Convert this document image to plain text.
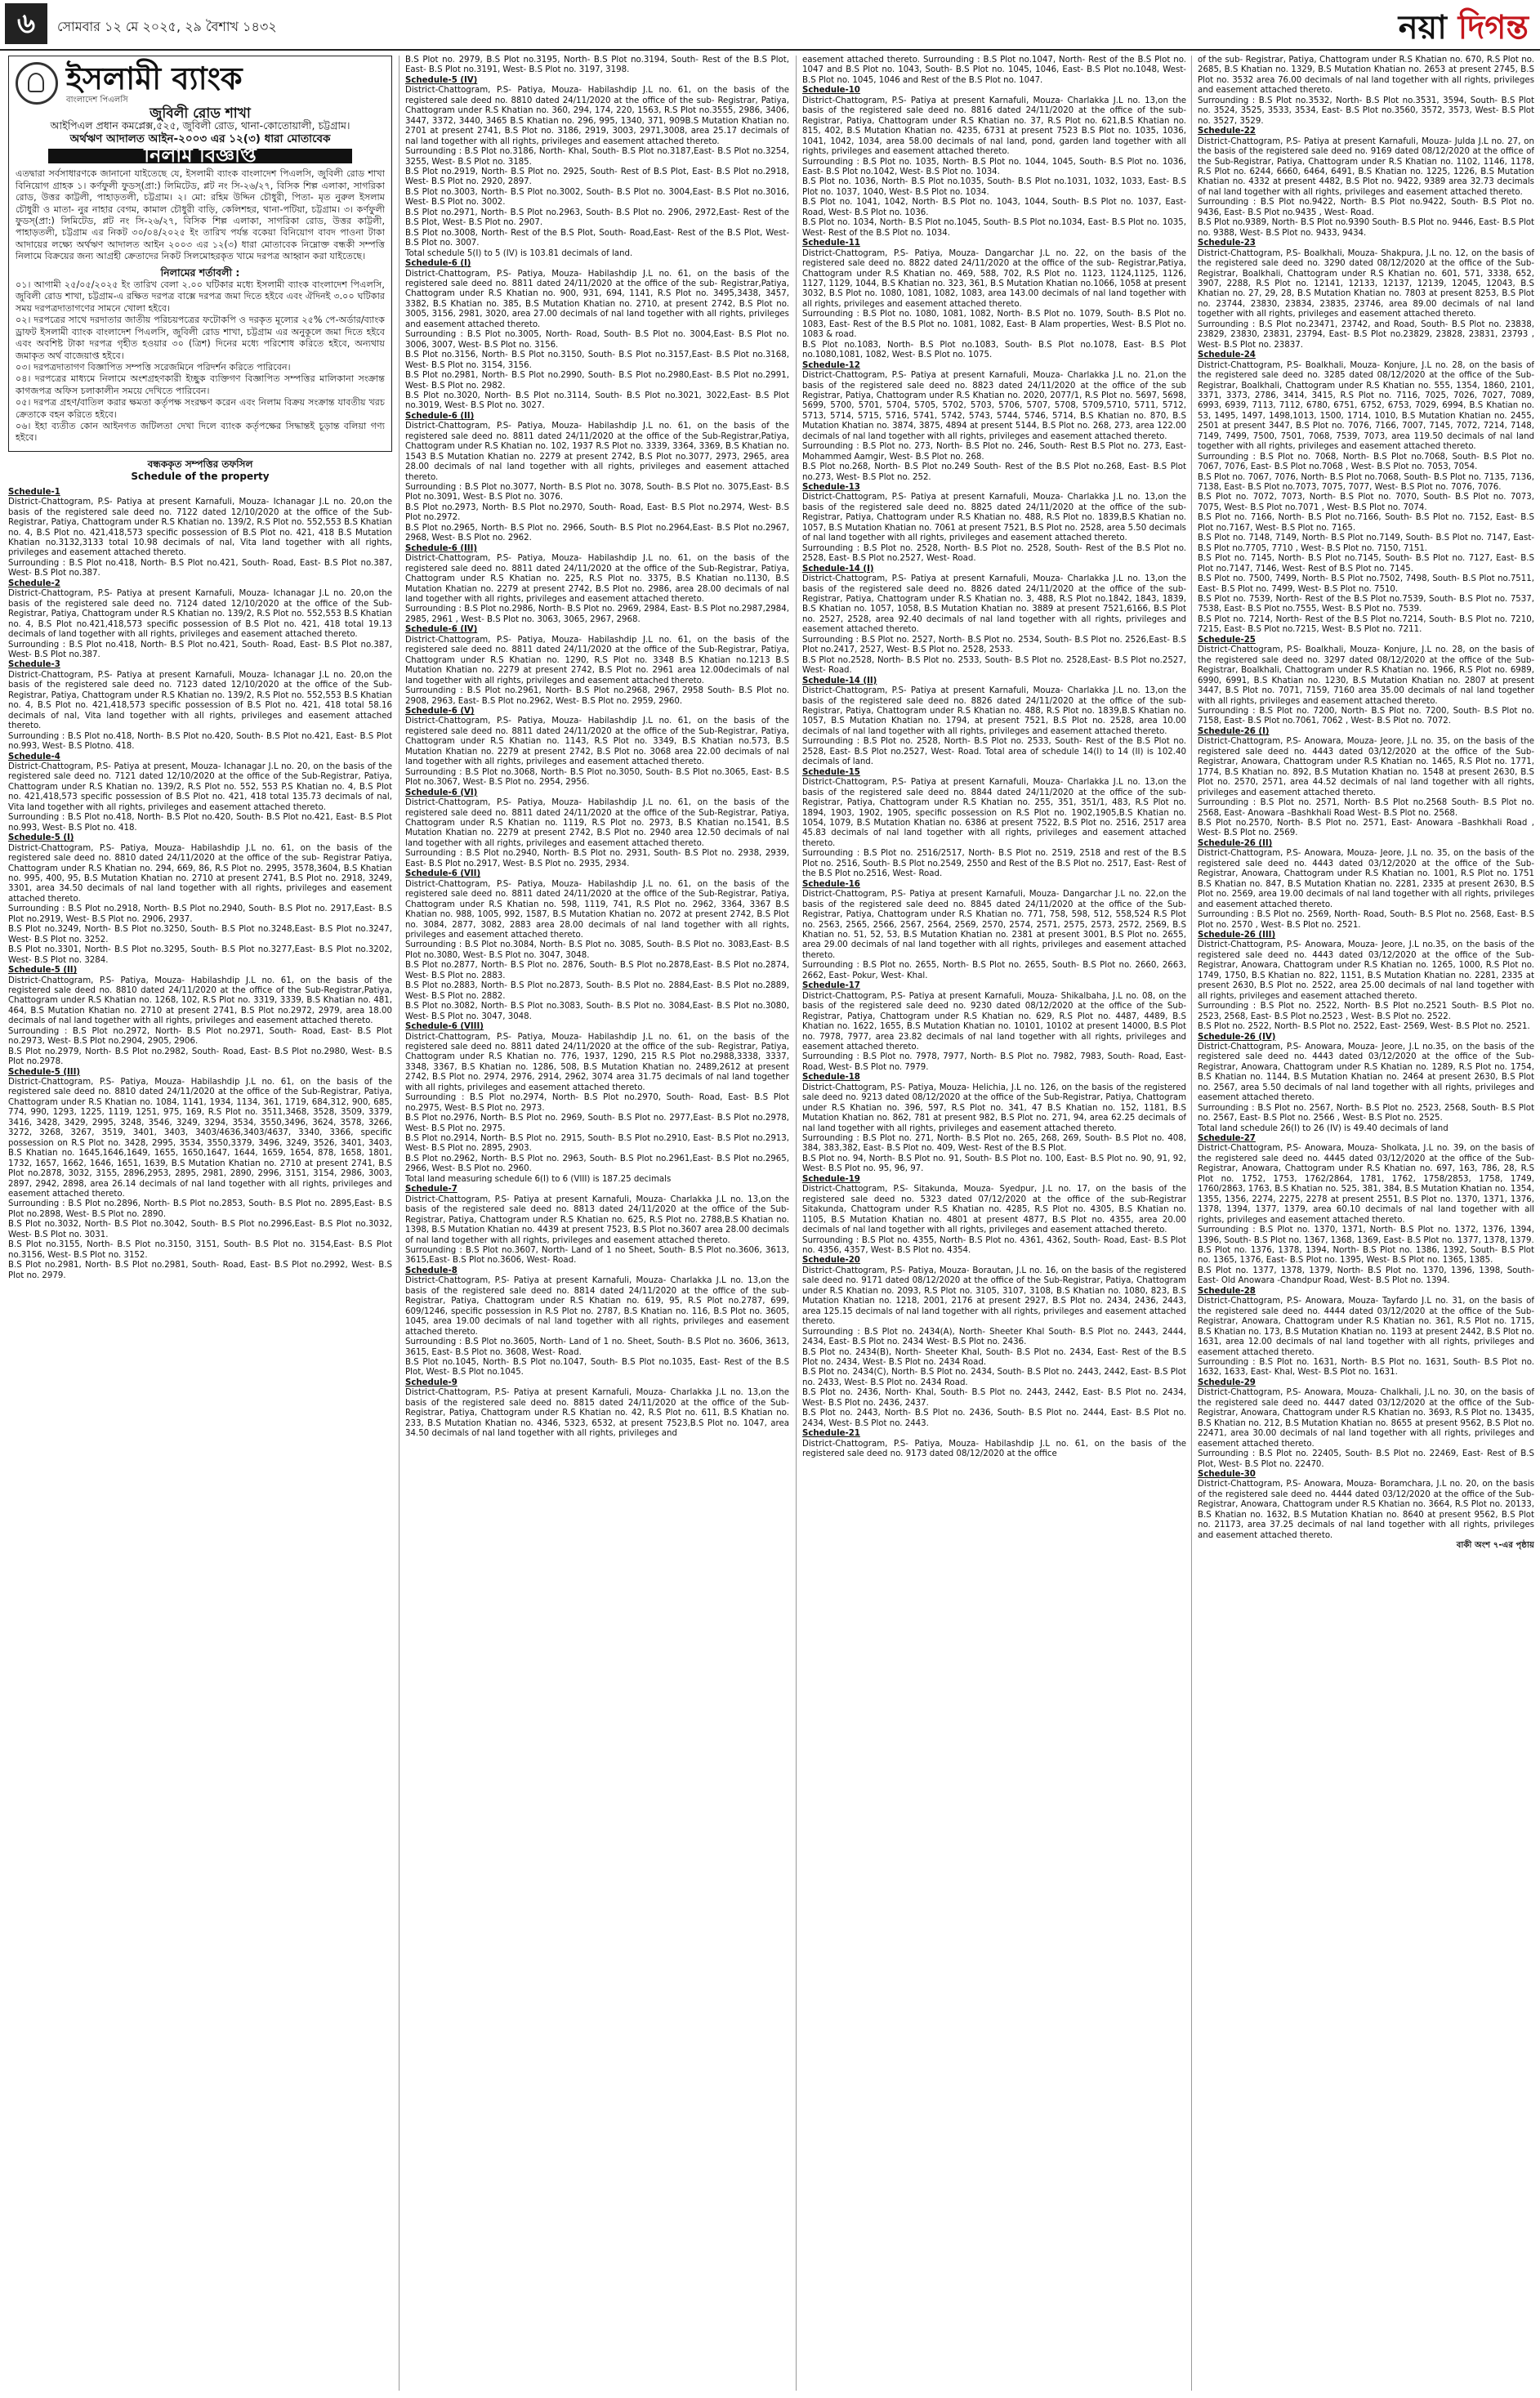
৬	সোমবার ১২ মে ২০২৫, ২৯ বৈশাখ ১৪৩২	নয়া দিগন্ত
ইসলামী ব্যাংক
বাংলাদেশ পিএলসি
জুবিলী রোড শাখা
আইপিএল প্রধান কমপ্লেক্স,৫২৫, জুবিলী রোড, থানা-কোতোয়ালী, চট্টগ্রাম।
অর্থঋণ আদালত আইন-২০০৩ এর ১২(৩) ধারা মোতাবেক
নিলাম বিজ্ঞপ্তি

এতদ্বারা সর্বসাধারণকে জানানো যাইতেছে যে, ইসলামী ব্যাংক বাংলাদেশ পিএলসি, জুবিলী রোড শাখা বিনিয়োগ গ্রাহক ১। কর্ণফুলী ফুডস্(প্রা:) লিমিটেড, প্লট নং সি-২৬/২৭, বিসিক শিল্প এলাকা, সাগরিকা রোড, উত্তর কাট্টলী, পাহাড়তলী, চট্টগ্রাম। ২। মো: রহিম উদ্দিন চৌধুরী, পিতা- মৃত নুরুল ইসলাম চৌধুরী ও মাতা- নুর নাহার বেগম, কামাল চৌধুরী বাড়ি, কেলিশহর, থানা-পটিয়া, চট্টগ্রাম। ৩। কর্ণফুলী ফুডস্(প্রা:) লিমিটেড, প্লট নং সি-২৬/২৭, বিসিক শিল্প এলাকা, সাগরিকা রোড, উত্তর কাট্টলী, পাহাড়তলী, চট্টগ্রাম এর নিকট ৩০/০৪/২০২৫ ইং তারিখ পর্যন্ত বকেয়া বিনিয়োগ বাবদ পাওনা টাকা আদায়ের লক্ষ্যে অর্থঋণ আদালত আইন ২০০৩ এর ১২(৩) ধারা মোতাবেক নিম্নোক্ত বন্ধকী সম্পত্তি নিলামে বিক্রয়ের জন্য আগ্রহী ক্রেতাদের নিকট সিলমোহরকৃত খামে দরপত্র আহ্বান করা যাইতেছে।

নিলামের শর্তাবলী :

০১। আগামী ২৫/০৫/২০২৫ ইং তারিখ বেলা ২.০০ ঘটিকার মধ্যে ইসলামী ব্যাংক বাংলাদেশ পিএলসি, জুবিলী রোড শাখা, চট্টগ্রাম-এ রক্ষিত দরপত্র বাক্সে দরপত্র জমা দিতে হইবে এবং ঐদিনই ৩.০০ ঘটিকার সময় দরপত্রদাতাগণের সামনে খোলা হইবে।

০২। দরপত্রের সাথে দরদাতার জাতীয় পরিচয়পত্রের ফটোকপি ও দরকৃত মূল্যের ২৫% পে-অর্ডার/ব্যাংক ড্রাফট ইসলামী ব্যাংক বাংলাদেশ পিএলসি, জুবিলী রোড শাখা, চট্টগ্রাম এর অনুকূলে জমা দিতে হইবে এবং অবশিষ্ট টাকা দরপত্র গৃহীত হওয়ার ৩০ (ত্রিশ) দিনের মধ্যে পরিশোধ করিতে হইবে, অন্যথায় জমাকৃত অর্থ বাজেয়াপ্ত হইবে।

০৩। দরপত্রদাতাগণ বিজ্ঞাপিত সম্পত্তি সরেজমিনে পরিদর্শন করিতে পারিবেন।

০৪। দরপত্রের মাধ্যমে নিলামে অংশগ্রহণকারী ইচ্ছুক ব্যক্তিগণ বিজ্ঞাপিত সম্পত্তির মালিকানা সংক্রান্ত কাগজপত্র অফিস চলাকালীন সময়ে দেখিতে পারিবেন।

০৫। দরপত্র গ্রহণ/বাতিল করার ক্ষমতা কর্তৃপক্ষ সংরক্ষণ করেন এবং নিলাম বিক্রয় সংক্রান্ত যাবতীয় খরচ ক্রেতাকে বহন করিতে হইবে।

০৬। ইহা ব্যতীত কোন আইনগত জটিলতা দেখা দিলে ব্যাংক কর্তৃপক্ষের সিদ্ধান্তই চূড়ান্ত বলিয়া গণ্য হইবে।

বন্ধককৃত সম্পত্তির তফসিল
Schedule of the property

Schedule-1

District-Chattogram, P.S- Patiya at present Karnafuli, Mouza- Ichanagar J.L no. 20,on the basis of the registered sale deed no. 7122 dated 12/10/2020 at the office of the Sub-Registrar, Patiya, Chattogram under R.S Khatian no. 139/2, R.S Plot no. 552,553 B.S Khatian no. 4, B.S Plot no. 421,418,573 specific possession of B.S Plot no. 421, 418 B.S Mutation Khatian no.3132,3133 total 10.98 decimals of nal, Vita land together with all rights, privileges and easement attached thereto.

Surrounding : B.S Plot no.418, North- B.S Plot no.421, South- Road, East- B.S Plot no.387, West- B.S Plot no.387.

Schedule-2

District-Chattogram, P.S- Patiya at present Karnafuli, Mouza- Ichanagar J.L no. 20,on the basis of the registered sale deed no. 7124 dated 12/10/2020 at the office of the Sub-Registrar, Patiya, Chattogram under R.S Khatian no. 139/2, R.S Plot no. 552,553 B.S Khatian no. 4, B.S Plot no.421,418,573 specific possession of B.S Plot no. 421, 418 total 19.13 decimals of land together with all rights, privileges and easement attached thereto.

Surrounding : B.S Plot no.418, North- B.S Plot no.421, South- Road, East- B.S Plot no.387, West- B.S Plot no.387.

Schedule-3

District-Chattogram, P.S- Patiya at present Karnafuli, Mouza- Ichanagar J.L no. 20,on the basis of the registered sale deed no. 7123 dated 12/10/2020 at the office of the Sub-Registrar, Patiya, Chattogram under R.S Khatian no. 139/2, R.S Plot no. 552,553 B.S Khatian no. 4, B.S Plot no. 421,418,573 specific possession of B.S Plot no. 421, 418 total 58.16 decimals of nal, Vita land together with all rights, privileges and easement attached thereto.

Surrounding : B.S Plot no.418, North- B.S Plot no.420, South- B.S Plot no.421, East- B.S Plot no.993, West- B.S Plotno. 418.

Schedule-4

District-Chattogram, P.S- Patiya at present, Mouza- Ichanagar J.L no. 20, on the basis of the registered sale deed no. 7121 dated 12/10/2020 at the office of the Sub-Registrar, Patiya, Chattogram under R.S Khatian no. 139/2, R.S Plot no. 552, 553 P.S Khatian no. 4, B.S Plot no. 421,418,573 specific possession of B.S Plot no. 421, 418 total 135.73 decimals of nal, Vita land together with all rights, privileges and easement attached thereto.

Surrounding : B.S Plot no.418, North- B.S Plot no.420, South- B.S Plot no.421, East- B.S Plot no.993, West- B.S Plot no. 418.

Schedule-5 (I)

District-Chattogram, P.S- Patiya, Mouza- Habilashdip J.L no. 61, on the basis of the registered sale deed no. 8810 dated 24/11/2020 at the office of the sub- Registrar Patiya, Chattogram under R.S Khatian no. 294, 669, 86, R.S Plot no. 2995, 3578,3604, B.S Khatian no. 995, 400, 95, B.S Mutation Khatian no. 2710 at present 2741, B.S Plot no. 2918, 3249, 3301, area 34.50 decimals of nal land together with all rights, privileges and easement attached thereto.

Surrounding : B.S Plot no.2918, North- B.S Plot no.2940, South- B.S Plot no. 2917,East- B.S Plot no.2919, West- B.S Plot no. 2906, 2937.

B.S Plot no.3249, North- B.S Plot no.3250, South- B.S Plot no.3248,East- B.S Plot no.3247, West- B.S Plot no. 3252.

B.S Plot no.3301, North- B.S Plot no.3295, South- B.S Plot no.3277,East- B.S Plot no.3202, West- B.S Plot no. 3284.

Schedule-5 (II)

District-Chattogram, P.S- Patiya, Mouza- Habilashdip J.L no. 61, on the basis of the registered sale deed no. 8810 dated 24/11/2020 at the office of the Sub-Registrar,Patiya, Chattogram under R.S Khatian no. 1268, 102, R.S Plot no. 3319, 3339, B.S Khatian no. 481, 464, B.S Mutation Khatian no. 2710 at present 2741, B.S Plot no.2972, 2979, area 18.00 decimals of nal land together with all rights, privileges and easement attached thereto.

Surrounding : B.S Plot no.2972, North- B.S Plot no.2971, South- Road, East- B.S Plot no.2973, West- B.S Plot no.2904, 2905, 2906.

B.S Plot no.2979, North- B.S Plot no.2982, South- Road, East- B.S Plot no.2980, West- B.S Plot no.2978.

Schedule-5 (III)

District-Chattogram, P.S- Patiya, Mouza- Habilashdip J.L no. 61, on the basis of the registered sale deed no. 8810 dated 24/11/2020 at the office of the Sub-Registrar, Patiya, Chattogram under R.S Khatian no. 1084, 1141, 1934, 1134, 361, 1719, 684,312, 900, 685, 774, 990, 1293, 1225, 1119, 1251, 975, 169, R.S Plot no. 3511,3468, 3528, 3509, 3379, 3416, 3428, 3429, 2995, 3248, 3546, 3249, 3294, 3534, 3550,3496, 3624, 3578, 3266, 3272, 3268, 3267, 3519, 3401, 3403, 3403/4636,3403/4637, 3340, 3366, specific possession on R.S Plot no. 3428, 2995, 3534, 3550,3379, 3496, 3249, 3526, 3401, 3403, B.S Khatian no. 1645,1646,1649, 1655, 1650,1647, 1644, 1659, 1654, 878, 1658, 1801, 1732, 1657, 1662, 1646, 1651, 1639, B.S Mutation Khatian no. 2710 at present 2741, B.S Plot no.2878, 3032, 3155, 2896,2953, 2895, 2981, 2890, 2996, 3151, 3154, 2986, 3003, 2897, 2942, 2898, area 26.14 decimals of nal land together with all rights, privileges and easement attached thereto.

Surrounding : B.S Plot no.2896, North- B.S Plot no.2853, South- B.S Plot no. 2895,East- B.S Plot no.2898, West- B.S Plot no. 2890.

B.S Plot no.3032, North- B.S Plot no.3042, South- B.S Plot no.2996,East- B.S Plot no.3032, West- B.S Plot no. 3031.

B.S Plot no.3155, North- B.S Plot no.3150, 3151, South- B.S Plot no. 3154,East- B.S Plot no.3156, West- B.S Plot no. 3152.

B.S Plot no.2981, North- B.S Plot no.2981, South- Road, East- B.S Plot no.2992, West- B.S Plot no. 2979.

B.S Plot no. 2979, B.S Plot no.3195, North- B.S Plot no.3194, South- Rest of the B.S Plot, East- B.S Plot no.3191, West- B.S Plot no. 3197, 3198.

Schedule-5 (IV)

District-Chattogram, P.S- Patiya, Mouza- Habilashdip J.L no. 61, on the basis of the registered sale deed no. 8810 dated 24/11/2020 at the office of the sub- Registrar, Patiya, Chattogram under R.S Khatian no. 360, 294, 174, 220, 1563, R.S Plot no.3555, 2986, 3406, 3447, 3372, 3440, 3465 B.S Khatian no. 296, 995, 1340, 371, 909B.S Mutation Khatian no. 2701 at present 2741, B.S Plot no. 3186, 2919, 3003, 2971,3008, area 25.17 decimals of nal land together with all rights, privileges and easement attached thereto.

Surrounding : B.S Plot no.3186, North- Khal, South- B.S Plot no.3187,East- B.S Plot no.3254, 3255, West- B.S Plot no. 3185.

B.S Plot no.2919, North- B.S Plot no. 2925, South- Rest of B.S Plot, East- B.S Plot no.2918, West- B.S Plot no. 2920, 2897.

B.S Plot no.3003, North- B.S Plot no.3002, South- B.S Plot no. 3004,East- B.S Plot no.3016, West- B.S Plot no. 3002.

B.S Plot no.2971, North- B.S Plot no.2963, South- B.S Plot no. 2906, 2972,East- Rest of the B.S Plot, West- B.S Plot no. 2907.

B.S Plot no.3008, North- Rest of the B.S Plot, South- Road,East- Rest of the B.S Plot, West- B.S Plot no. 3007.

Total schedule 5(I) to 5 (IV) is 103.81 decimals of land.

Schedule-6 (I)

District-Chattogram, P.S- Patiya, Mouza- Habilashdip J.L no. 61, on the basis of the registered sale deed no. 8811 dated 24/11/2020 at the office of the sub- Registrar,Patiya, Chattogram under R.S Khatian no. 900, 931, 694, 1141, R.S Plot no. 3495,3438, 3457, 3382, B.S Khatian no. 385, B.S Mutation Khatian no. 2710, at present 2742, B.S Plot no. 3005, 3156, 2981, 3020, area 27.00 decimals of nal land together with all rights, privileges and easement attached thereto.

Surrounding : B.S Plot no.3005, North- Road, South- B.S Plot no. 3004,East- B.S Plot no. 3006, 3007, West- B.S Plot no. 3156.

B.S Plot no.3156, North- B.S Plot no.3150, South- B.S Plot no.3157,East- B.S Plot no.3168, West- B.S Plot no. 3154, 3156.

B.S Plot no.2981, North- B.S Plot no.2990, South- B.S Plot no.2980,East- B.S Plot no.2991, West- B.S Plot no. 2982.

B.S Plot no.3020, North- B.S Plot no.3114, South- B.S Plot no.3021, 3022,East- B.S Plot no.3019, West- B.S Plot no. 3027.

Schedule-6 (II)

District-Chattogram, P.S- Patiya, Mouza- Habilashdip J.L no. 61, on the basis of the registered sale deed no. 8811 dated 24/11/2020 at the office of the Sub-Registrar,Patiya, Chattogram under R.S Khatian no. 102, 1937 R.S Plot no. 3339, 3364, 3369, B.S Khatian no. 1543 B.S Mutation Khatian no. 2279 at present 2742, B.S Plot no.3077, 2973, 2965, area 28.00 decimals of nal land together with all rights, privileges and easement attached thereto.

Surrounding : B.S Plot no.3077, North- B.S Plot no. 3078, South- B.S Plot no. 3075,East- B.S Plot no.3091, West- B.S Plot no. 3076.

B.S Plot no.2973, North- B.S Plot no.2970, South- Road, East- B.S Plot no.2974, West- B.S Plot no.2972.

B.S Plot no.2965, North- B.S Plot no. 2966, South- B.S Plot no.2964,East- B.S Plot no.2967, 2968, West- B.S Plot no. 2962.

Schedule-6 (III)

District-Chattogram, P.S- Patiya, Mouza- Habilashdip J.L no. 61, on the basis of the registered sale deed no. 8811 dated 24/11/2020 at the office of the Sub-Registrar, Patiya, Chattogram under R.S Khatian no. 225, R.S Plot no. 3375, B.S Khatian no.1130, B.S Mutation Khatian no. 2279 at present 2742, B.S Plot no. 2986, area 28.00 decimals of nal land together with all rights, privileges and easement attached thereto.

Surrounding : B.S Plot no.2986, North- B.S Plot no. 2969, 2984, East- B.S Plot no.2987,2984, 2985, 2961 , West- B.S Plot no. 3063, 3065, 2967, 2968.

Schedule-6 (IV)

District-Chattogram, P.S- Patiya, Mouza- Habilashdip J.L no. 61, on the basis of the registered sale deed no. 8811 dated 24/11/2020 at the office of the Sub-Registrar, Patiya, Chattogram under R.S Khatian no. 1290, R.S Plot no. 3348 B.S Khatian no.1213 B.S Mutation Khatian no. 2279 at present 2742, B.S Plot no. 2961 area 12.00decimals of nal land together with all rights, privileges and easement attached thereto.

Surrounding : B.S Plot no.2961, North- B.S Plot no.2968, 2967, 2958 South- B.S Plot no. 2908, 2963, East- B.S Plot no.2962, West- B.S Plot no. 2959, 2960.

Schedule-6 (V)

District-Chattogram, P.S- Patiya, Mouza- Habilashdip J.L no. 61, on the basis of the registered sale deed no. 8811 dated 24/11/2020 at the office of the Sub-Registrar, Patiya, Chattogram under R.S Khatian no. 1143, R.S Plot no. 3349, B.S Khatian no.573, B.S Mutation Khatian no. 2279 at present 2742, B.S Plot no. 3068 area 22.00 decimals of nal land together with all rights, privileges and easement attached thereto.

Surrounding : B.S Plot no.3068, North- B.S Plot no.3050, South- B.S Plot no.3065, East- B.S Plot no.3067, West- B.S Plot no. 2954, 2956.

Schedule-6 (VI)

District-Chattogram, P.S- Patiya, Mouza- Habilashdip J.L no. 61, on the basis of the registered sale deed no. 8811 dated 24/11/2020 at the office of the Sub-Registrar, Patiya, Chattogram under R.S Khatian no. 1119, R.S Plot no. 2973, B.S Khatian no.1541, B.S Mutation Khatian no. 2279 at present 2742, B.S Plot no. 2940 area 12.50 decimals of nal land together with all rights, privileges and easement attached thereto.

Surrounding : B.S Plot no.2940, North- B.S Plot no. 2931, South- B.S Plot no. 2938, 2939, East- B.S Plot no.2917, West- B.S Plot no. 2935, 2934.

Schedule-6 (VII)

District-Chattogram, P.S- Patiya, Mouza- Habilashdip J.L no. 61, on the basis of the registered sale deed no. 8811 dated 24/11/2020 at the office of the Sub-Registrar, Patiya, Chattogram under R.S Khatian no. 598, 1119, 741, R.S Plot no. 2962, 3364, 3367 B.S Khatian no. 988, 1005, 992, 1587, B.S Mutation Khatian no. 2072 at present 2742, B.S Plot no. 3084, 2877, 3082, 2883 area 28.00 decimals of nal land together with all rights, privileges and easement attached thereto.

Surrounding : B.S Plot no.3084, North- B.S Plot no. 3085, South- B.S Plot no. 3083,East- B.S Plot no.3080, West- B.S Plot no. 3047, 3048.

B.S Plot no.2877, North- B.S Plot no. 2876, South- B.S Plot no.2878,East- B.S Plot no.2874, West- B.S Plot no. 2883.

B.S Plot no.2883, North- B.S Plot no.2873, South- B.S Plot no. 2884,East- B.S Plot no.2889, West- B.S Plot no. 2882.

B.S Plot no.3082, North- B.S Plot no.3083, South- B.S Plot no. 3084,East- B.S Plot no.3080, West- B.S Plot no. 3047, 3048.

Schedule-6 (VIII)

District-Chattogram, P.S- Patiya, Mouza- Habilashdip J.L no. 61, on the basis of the registered sale deed no. 8811 dated 24/11/2020 at the office of the sub- Registrar, Patiya, Chattogram under R.S Khatian no. 776, 1937, 1290, 215 R.S Plot no.2988,3338, 3337, 3348, 3367, B.S Khatian no. 1286, 508, B.S Mutation Khatian no. 2489,2612 at present 2742, B.S Plot no. 2974, 2976, 2914, 2962, 3074 area 31.75 decimals of nal land together with all rights, privileges and easement attached thereto.

Surrounding : B.S Plot no.2974, North- B.S Plot no.2970, South- Road, East- B.S Plot no.2975, West- B.S Plot no. 2973.

B.S Plot no.2976, North- B.S Plot no. 2969, South- B.S Plot no. 2977,East- B.S Plot no.2978, West- B.S Plot no. 2975.

B.S Plot no.2914, North- B.S Plot no. 2915, South- B.S Plot no.2910, East- B.S Plot no.2913, West- B.S Plot no. 2895, 2903.

B.S Plot no.2962, North- B.S Plot no. 2963, South- B.S Plot no.2961,East- B.S Plot no.2965, 2966, West- B.S Plot no. 2960.

Total land measuring schedule 6(I) to 6 (VIII) is 187.25 decimals

Schedule-7

District-Chattogram, P.S- Patiya at present Karnafuli, Mouza- Charlakka J.L no. 13,on the basis of the registered sale deed no. 8813 dated 24/11/2020 at the office of the Sub-Registrar, Patiya, Chattogram under R.S Khatian no. 625, R.S Plot no. 2788,B.S Khatian no. 1398, B.S Mutation Khatian no. 4439 at present 7523, B.S Plot no.3607 area 28.00 decimals of nal land together with all rights, privileges and easement attached thereto.

Surrounding : B.S Plot no.3607, North- Land of 1 no Sheet, South- B.S Plot no.3606, 3613, 3615,East- B.S Plot no.3606, West- Road.

Schedule-8

District-Chattogram, P.S- Patiya at present Karnafuli, Mouza- Charlakka J.L no. 13,on the basis of the registered sale deed no. 8814 dated 24/11/2020 at the office of the sub-Registrar, Patiya, Chattogram under R.S Khatian no. 619, 95, R.S Plot no.2787, 699, 609/1246, specific possession in R.S Plot no. 2787, B.S Khatian no. 116, B.S Plot no. 3605, 1045, area 19.00 decimals of nal land together with all rights, privileges and easement attached thereto.

Surrounding : B.S Plot no.3605, North- Land of 1 no. Sheet, South- B.S Plot no. 3606, 3613, 3615, East- B.S Plot no. 3608, West- Road.

B.S Plot no.1045, North- B.S Plot no.1047, South- B.S Plot no.1035, East- Rest of the B.S Plot, West- B.S Plot no.1045.

Schedule-9

District-Chattogram, P.S- Patiya at present Karnafuli, Mouza- Charlakka J.L no. 13,on the basis of the registered sale deed no. 8815 dated 24/11/2020 at the office of the Sub-Registrar, Patiya, Chattogram under R.S Khatian no. 42, R.S Plot no. 611, B.S Khatian no. 233, B.S Mutation Khatian no. 4346, 5323, 6532, at present 7523,B.S Plot no. 1047, area 34.50 decimals of nal land together with all rights, privileges and

easement attached thereto. Surrounding : B.S Plot no.1047, North- Rest of the B.S Plot no. 1047 and B.S Plot no. 1043, South- B.S Plot no. 1045, 1046, East- B.S Plot no.1048, West- B.S Plot no. 1045, 1046 and Rest of the B.S Plot no. 1047.

Schedule-10

District-Chattogram, P.S- Patiya at present Karnafuli, Mouza- Charlakka J.L no. 13,on the basis of the registered sale deed no. 8816 dated 24/11/2020 at the office of the sub-Registrar, Patiya, Chattogram under R.S Khatian no. 37, R.S Plot no. 621,B.S Khatian no. 815, 402, B.S Mutation Khatian no. 4235, 6731 at present 7523 B.S Plot no. 1035, 1036, 1041, 1042, 1034, area 58.00 decimals of nal land, pond, garden land together with all rights, privileges and easement attached thereto.

Surrounding : B.S Plot no. 1035, North- B.S Plot no. 1044, 1045, South- B.S Plot no. 1036, East- B.S Plot no.1042, West- B.S Plot no. 1034.

B.S Plot no. 1036, North- B.S Plot no.1035, South- B.S Plot no.1031, 1032, 1033, East- B.S Plot no. 1037, 1040, West- B.S Plot no. 1034.

B.S Plot no. 1041, 1042, North- B.S Plot no. 1043, 1044, South- B.S Plot no. 1037, East- Road, West- B.S Plot no. 1036.

B.S Plot no. 1034, North- B.S Plot no.1045, South- B.S Plot no.1034, East- B.S Plot no. 1035, West- Rest of the B.S Plot no. 1034.

Schedule-11

District-Chattogram, P.S- Patiya, Mouza- Dangarchar J.L no. 22, on the basis of the registered sale deed no. 8822 dated 24/11/2020 at the office of the sub- Registrar,Patiya, Chattogram under R.S Khatian no. 469, 588, 702, R.S Plot no. 1123, 1124,1125, 1126, 1127, 1129, 1044, B.S Khatian no. 323, 361, B.S Mutation Khatian no.1066, 1058 at present 3032, B.S Plot no. 1080, 1081, 1082, 1083, area 143.00 decimals of nal land together with all rights, privileges and easement attached thereto.

Surrounding : B.S Plot no. 1080, 1081, 1082, North- B.S Plot no. 1079, South- B.S Plot no. 1083, East- Rest of the B.S Plot no. 1081, 1082, East- B Alam properties, West- B.S Plot no. 1083 & road.

B.S Plot no.1083, North- B.S Plot no.1083, South- B.S Plot no.1078, East- B.S Plot no.1080,1081, 1082, West- B.S Plot no. 1075.

Schedule-12

District-Chattogram, P.S- Patiya at present Karnafuli, Mouza- Charlakka J.L no. 21,on the basis of the registered sale deed no. 8823 dated 24/11/2020 at the office of the sub Registrar, Patiya, Chattogram under R.S Khatian no. 2020, 2077/1, R.S Plot no. 5697, 5698, 5699, 5700, 5701, 5704, 5705, 5702, 5703, 5706, 5707, 5708, 5709,5710, 5711, 5712, 5713, 5714, 5715, 5716, 5741, 5742, 5743, 5744, 5746, 5714, B.S Khatian no. 870, B.S Mutation Khatian no. 3874, 3875, 4894 at present 5144, B.S Plot no. 268, 273, area 122.00 decimals of nal land together with all rights, privileges and easement attached thereto.

Surrounding : B.S Plot no. 273, North- B.S Plot no. 246, South- Rest B.S Plot no. 273, East- Mohammed Aamgir, West- B.S Plot no. 268.

B.S Plot no.268, North- B.S Plot no.249 South- Rest of the B.S Plot no.268, East- B.S Plot no.273, West- B.S Plot no. 252.

Schedule-13

District-Chattogram, P.S- Patiya at present Karnafuli, Mouza- Charlakka J.L no. 13,on the basis of the registered sale deed no. 8825 dated 24/11/2020 at the office of the sub-Registrar, Patiya, Chattogram under R.S Khatian no. 488, R.S Plot no. 1839,B.S Khatian no. 1057, B.S Mutation Khatian no. 7061 at present 7521, B.S Plot no. 2528, area 5.50 decimals of nal land together with all rights, privileges and easement attached thereto.

Surrounding : B.S Plot no. 2528, North- B.S Plot no. 2528, South- Rest of the B.S Plot no. 2528, East- B.S Plot no.2527, West- Road.

Schedule-14 (I)

District-Chattogram, P.S- Patiya at present Karnafuli, Mouza- Charlakka J.L no. 13,on the basis of the registered sale deed no. 8826 dated 24/11/2020 at the office of the sub-Registrar, Patiya, Chattogram under R.S Khatian no. 3, 488, R.S Plot no.1842, 1843, 1839, B.S Khatian no. 1057, 1058, B.S Mutation Khatian no. 3889 at present 7521,6166, B.S Plot no. 2527, 2528, area 92.40 decimals of nal land together with all rights, privileges and easement attached thereto.

Surrounding : B.S Plot no. 2527, North- B.S Plot no. 2534, South- B.S Plot no. 2526,East- B.S Plot no.2417, 2527, West- B.S Plot no. 2528, 2533.

B.S Plot no.2528, North- B.S Plot no. 2533, South- B.S Plot no. 2528,East- B.S Plot no.2527, West- Road.

Schedule-14 (II)

District-Chattogram, P.S- Patiya at present Karnafuli, Mouza- Charlakka J.L no. 13,on the basis of the registered sale deed no. 8826 dated 24/11/2020 at the office of the sub-Registrar, Patiya, Chattogram under R.S Khatian no. 488, R.S Plot no. 1839,B.S Khatian no. 1057, B.S Mutation Khatian no. 1794, at present 7521, B.S Plot no. 2528, area 10.00 decimals of nal land together with all rights, privileges and easement attached thereto.

Surrounding : B.S Plot no. 2528, North- B.S Plot no. 2533, South- Rest of the B.S Plot no. 2528, East- B.S Plot no.2527, West- Road. Total area of schedule 14(I) to 14 (II) is 102.40 decimals of land.

Schedule-15

District-Chattogram, P.S- Patiya at present Karnafuli, Mouza- Charlakka J.L no. 13,on the basis of the registered sale deed no. 8844 dated 24/11/2020 at the office of the sub-Registrar, Patiya, Chattogram under R.S Khatian no. 255, 351, 351/1, 483, R.S Plot no. 1894, 1903, 1902, 1905, specific possession on R.S Plot no. 1902,1905,B.S Khatian no. 1054, 1079, B.S Mutation Khatian no. 6386 at present 7522, B.S Plot no. 2516, 2517 area 45.83 decimals of nal land together with all rights, privileges and easement attached thereto.

Surrounding : B.S Plot no. 2516/2517, North- B.S Plot no. 2519, 2518 and rest of the B.S Plot no. 2516, South- B.S Plot no.2549, 2550 and Rest of the B.S Plot no. 2517, East- Rest of the B.S Plot no.2516, West- Road.

Schedule-16

District-Chattogram, P.S- Patiya at present Karnafuli, Mouza- Dangarchar J.L no. 22,on the basis of the registered sale deed no. 8845 dated 24/11/2020 at the office of the Sub-Registrar, Patiya, Chattogram under R.S Khatian no. 771, 758, 598, 512, 558,524 R.S Plot no. 2563, 2565, 2566, 2567, 2564, 2569, 2570, 2574, 2571, 2575, 2573, 2572, 2569, B.S Khatian no. 51, 52, 53, B.S Mutation Khatian no. 2381 at present 3001, B.S Plot no. 2655, area 29.00 decimals of nal land together with all rights, privileges and easement attached thereto.

Surrounding : B.S Plot no. 2655, North- B.S Plot no. 2655, South- B.S Plot no. 2660, 2663, 2662, East- Pokur, West- Khal.

Schedule-17

District-Chattogram, P.S- Patiya at present Karnafuli, Mouza- Shikalbaha, J.L no. 08, on the basis of the registered sale deed no. 9230 dated 08/12/2020 at the office of the Sub-Registrar, Patiya, Chattogram under R.S Khatian no. 629, R.S Plot no. 4487, 4489, B.S Khatian no. 1622, 1655, B.S Mutation Khatian no. 10101, 10102 at present 14000, B.S Plot no. 7978, 7977, area 23.82 decimals of nal land together with all rights, privileges and easement attached thereto.

Surrounding : B.S Plot no. 7978, 7977, North- B.S Plot no. 7982, 7983, South- Road, East- Road, West- B.S Plot no. 7979.

Schedule-18

District-Chattogram, P.S- Patiya, Mouza- Helichia, J.L no. 126, on the basis of the registered sale deed no. 9213 dated 08/12/2020 at the office of the Sub-Registrar, Patiya, Chattogram under R.S Khatian no. 396, 597, R.S Plot no. 341, 47 B.S Khatian no. 152, 1181, B.S Mutation Khatian no. 862, 781 at present 982, B.S Plot no. 271, 94, area 62.25 decimals of nal land together with all rights, privileges and easement attached thereto.

Surrounding : B.S Plot no. 271, North- B.S Plot no. 265, 268, 269, South- B.S Plot no. 408, 384, 383,382, East- B.S Plot no. 409, West- Rest of the B.S Plot.

B.S Plot no. 94, North- B.S Plot no. 91, South- B.S Plot no. 100, East- B.S Plot no. 90, 91, 92, West- B.S Plot no. 95, 96, 97.

Schedule-19

District-Chattogram, P.S- Sitakunda, Mouza- Syedpur, J.L no. 17, on the basis of the registered sale deed no. 5323 dated 07/12/2020 at the office of the sub-Registrar Sitakunda, Chattogram under R.S Khatian no. 4285, R.S Plot no. 4305, B.S Khatian no. 1105, B.S Mutation Khatian no. 4801 at present 4877, B.S Plot no. 4355, area 20.00 decimals of nal land together with all rights, privileges and easement attached thereto.

Surrounding : B.S Plot no. 4355, North- B.S Plot no. 4361, 4362, South- Road, East- B.S Plot no. 4356, 4357, West- B.S Plot no. 4354.

Schedule-20

District-Chattogram, P.S- Patiya, Mouza- Borautan, J.L no. 16, on the basis of the registered sale deed no. 9171 dated 08/12/2020 at the office of the Sub-Registrar, Patiya, Chattogram under R.S Khatian no. 2093, R.S Plot no. 3105, 3107, 3108, B.S Khatian no. 1080, 823, B.S Mutation Khatian no. 1218, 2001, 2176 at present 2927, B.S Plot no. 2434, 2436, 2443, area 125.15 decimals of nal land together with all rights, privileges and easement attached thereto.

Surrounding : B.S Plot no. 2434(A), North- Sheeter Khal South- B.S Plot no. 2443, 2444, 2434, East- B.S Plot no. 2434 West- B.S Plot no. 2436.

B.S Plot no. 2434(B), North- Sheeter Khal, South- B.S Plot no. 2434, East- Rest of the B.S Plot no. 2434, West- B.S Plot no. 2434 Road.

B.S Plot no. 2434(C), North- B.S Plot no. 2434, South- B.S Plot no. 2443, 2442, East- B.S Plot no. 2433, West- B.S Plot no. 2434 Road.

B.S Plot no. 2436, North- Khal, South- B.S Plot no. 2443, 2442, East- B.S Plot no. 2434, West- B.S Plot no. 2436, 2437.

B.S Plot no. 2443, North- B.S Plot no. 2436, South- B.S Plot no. 2444, East- B.S Plot no. 2434, West- B.S Plot no. 2443.

Schedule-21

District-Chattogram, P.S- Patiya, Mouza- Habilashdip J.L no. 61, on the basis of the registered sale deed no. 9173 dated 08/12/2020 at the office

of the sub- Registrar, Patiya, Chattogram under R.S Khatian no. 670, R.S Plot no. 2685, B.S Khatian no. 1329, B.S Mutation Khatian no. 2653 at present 2745, B.S Plot no. 3532 area 76.00 decimals of nal land together with all rights, privileges and easement attached thereto.

Surrounding : B.S Plot no.3532, North- B.S Plot no.3531, 3594, South- B.S Plot no. 3524, 3525, 3533, 3534, East- B.S Plot no.3560, 3572, 3573, West- B.S Plot no. 3527, 3529.

Schedule-22

District-Chattogram, P.S- Patiya at present Karnafuli, Mouza- Julda J.L no. 27, on the basis of the registered sale deed no. 9169 dated 08/12/2020 at the office of the Sub-Registrar, Patiya, Chattogram under R.S Khatian no. 1102, 1146, 1178, R.S Plot no. 6244, 6660, 6464, 6491, B.S Khatian no. 1225, 1226, B.S Mutation Khatian no. 4332 at present 4482, B.S Plot no. 9422, 9389 area 32.73 decimals of nal land together with all rights, privileges and easement attached thereto.

Surrounding : B.S Plot no.9422, North- B.S Plot no.9422, South- B.S Plot no. 9436, East- B.S Plot no.9435 , West- Road.

B.S Plot no.9389, North- B.S Plot no.9390 South- B.S Plot no. 9446, East- B.S Plot no. 9388, West- B.S Plot no. 9433, 9434.

Schedule-23

District-Chattogram, P.S- Boalkhali, Mouza- Shakpura, J.L no. 12, on the basis of the registered sale deed no. 3290 dated 08/12/2020 at the office of the Sub-Registrar, Boalkhali, Chattogram under R.S Khatian no. 601, 571, 3338, 652, 3907, 2288, R.S Plot no. 12141, 12133, 12137, 12139, 12045, 12043, B.S Khatian no. 27, 29, 28, B.S Mutation Khatian no. 7803 at present 8253, B.S Plot no. 23744, 23830, 23834, 23835, 23746, area 89.00 decimals of nal land together with all rights, privileges and easement attached thereto.

Surrounding : B.S Plot no.23471, 23742, and Road, South- B.S Plot no. 23838, 23829, 23830, 23831, 23794, East- B.S Plot no.23829, 23828, 23831, 23793 , West- B.S Plot no. 23837.

Schedule-24

District-Chattogram, P.S- Boalkhali, Mouza- Konjure, J.L no. 28, on the basis of the registered sale deed no. 3285 dated 08/12/2020 at the office of the Sub-Registrar, Boalkhali, Chattogram under R.S Khatian no. 555, 1354, 1860, 2101, 3371, 3373, 2786, 3414, 3415, R.S Plot no. 7116, 7025, 7026, 7027, 7089, 6993, 6939, 7113, 7112, 6780, 6751, 6752, 6753, 7029, 6994, B.S Khatian no. 53, 1495, 1497, 1498,1013, 1500, 1714, 1010, B.S Mutation Khatian no. 2455, 2501 at present 3447, B.S Plot no. 7076, 7166, 7007, 7145, 7072, 7214, 7148, 7149, 7499, 7500, 7501, 7068, 7539, 7073, area 119.50 decimals of nal land together with all rights, privileges and easement attached thereto.

Surrounding : B.S Plot no. 7068, North- B.S Plot no.7068, South- B.S Plot no. 7067, 7076, East- B.S Plot no.7068 , West- B.S Plot no. 7053, 7054.

B.S Plot no. 7067, 7076, North- B.S Plot no.7068, South- B.S Plot no. 7135, 7136, 7138, East- B.S Plot no.7073, 7075, 7077, West- B.S Plot no. 7076, 7076.

B.S Plot no. 7072, 7073, North- B.S Plot no. 7070, South- B.S Plot no. 7073, 7075, West- B.S Plot no.7071 , West- B.S Plot no. 7074.

B.S Plot no. 7166, North- B.S Plot no.7166, South- B.S Plot no. 7152, East- B.S Plot no.7167, West- B.S Plot no. 7165.

B.S Plot no. 7148, 7149, North- B.S Plot no.7149, South- B.S Plot no. 7147, East- B.S Plot no.7705, 7710 , West- B.S Plot no. 7150, 7151.

B.S Plot no. 7145, North- B.S Plot no.7145, South- B.S Plot no. 7127, East- B.S Plot no.7147, 7146, West- Rest of B.S Plot no. 7145.

B.S Plot no. 7500, 7499, North- B.S Plot no.7502, 7498, South- B.S Plot no.7511, East- B.S Plot no. 7499, West- B.S Plot no. 7510.

B.S Plot no. 7539, North- Rest of the B.S Plot no.7539, South- B.S Plot no. 7537, 7538, East- B.S Plot no.7555, West- B.S Plot no. 7539.

B.S Plot no. 7214, North- Rest of the B.S Plot no.7214, South- B.S Plot no. 7210, 7215, East- B.S Plot no.7215, West- B.S Plot no. 7211.

Schedule-25

District-Chattogram, P.S- Boalkhali, Mouza- Konjure, J.L no. 28, on the basis of the registered sale deed no. 3297 dated 08/12/2020 at the office of the Sub-Registrar, Boalkhali, Chattogram under R.S Khatian no. 1966, R.S Plot no. 6989, 6990, 6991, B.S Khatian no. 1230, B.S Mutation Khatian no. 2807 at present 3447, B.S Plot no. 7071, 7159, 7160 area 35.00 decimals of nal land together with all rights, privileges and easement attached thereto.

Surrounding : B.S Plot no. 7200, North- B.S Plot no. 7200, South- B.S Plot no. 7158, East- B.S Plot no.7061, 7062 , West- B.S Plot no. 7072.

Schedule-26 (I)

District-Chattogram, P.S- Anowara, Mouza- Jeore, J.L no. 35, on the basis of the registered sale deed no. 4443 dated 03/12/2020 at the office of the Sub-Registrar, Anowara, Chattogram under R.S Khatian no. 1465, R.S Plot no. 1771, 1774, B.S Khatian no. 892, B.S Mutation Khatian no. 1548 at present 2630, B.S Plot no. 2570, 2571, area 44.52 decimals of nal land together with all rights, privileges and easement attached thereto.

Surrounding : B.S Plot no. 2571, North- B.S Plot no.2568 South- B.S Plot no. 2568, East- Anowara –Bashkhali Road West- B.S Plot no. 2568.

B.S Plot no.2570, North- B.S Plot no. 2571, East- Anowara –Bashkhali Road , West- B.S Plot no. 2569.

Schedule-26 (II)

District-Chattogram, P.S- Anowara, Mouza- Jeore, J.L no. 35, on the basis of the registered sale deed no. 4443 dated 03/12/2020 at the office of the Sub-Registrar, Anowara, Chattogram under R.S Khatian no. 1001, R.S Plot no. 1751 B.S Khatian no. 847, B.S Mutation Khatian no. 2281, 2335 at present 2630, B.S Plot no. 2569, area 19.00 decimals of nal land together with all rights, privileges and easement attached thereto.

Surrounding : B.S Plot no. 2569, North- Road, South- B.S Plot no. 2568, East- B.S Plot no. 2570 , West- B.S Plot no. 2521.

Schedule-26 (III)

District-Chattogram, P.S- Anowara, Mouza- Jeore, J.L no.35, on the basis of the registered sale deed no. 4443 dated 03/12/2020 at the office of the Sub-Registrar, Anowara, Chattogram under R.S Khatian no. 1265, 1000, R.S Plot no. 1749, 1750, B.S Khatian no. 822, 1151, B.S Mutation Khatian no. 2281, 2335 at present 2630, B.S Plot no. 2522, area 25.00 decimals of nal land together with all rights, privileges and easement attached thereto.

Surrounding : B.S Plot no. 2522, North- B.S Plot no.2521 South- B.S Plot no. 2523, 2568, East- B.S Plot no.2523 , West- B.S Plot no. 2522.

B.S Plot no. 2522, North- B.S Plot no. 2522, East- 2569, West- B.S Plot no. 2521.

Schedule-26 (IV)

District-Chattogram, P.S- Anowara, Mouza- Jeore, J.L no.35, on the basis of the registered sale deed no. 4443 dated 03/12/2020 at the office of the Sub-Registrar, Anowara, Chattogram under R.S Khatian no. 1289, R.S Plot no. 1754, B.S Khatian no. 1144, B.S Mutation Khatian no. 2464 at present 2630, B.S Plot no. 2567, area 5.50 decimals of nal land together with all rights, privileges and easement attached thereto.

Surrounding : B.S Plot no. 2567, North- B.S Plot no. 2523, 2568, South- B.S Plot no. 2567, East- B.S Plot no. 2566 , West- B.S Plot no. 2525.

Total land schedule 26(I) to 26 (IV) is 49.40 decimals of land

Schedule-27

District-Chattogram, P.S- Anowara, Mouza- Sholkata, J.L no. 39, on the basis of the registered sale deed no. 4445 dated 03/12/2020 at the office of the Sub-Registrar, Anowara, Chattogram under R.S Khatian no. 697, 163, 786, 28, R.S Plot no. 1752, 1753, 1762/2864, 1781, 1762, 1758/2853, 1758, 1749, 1760/2863, 1763, B.S Khatian no. 525, 381, 384, B.S Mutation Khatian no. 1354, 1355, 1356, 2274, 2275, 2278 at present 2551, B.S Plot no. 1370, 1371, 1376, 1378, 1394, 1377, 1379, area 60.10 decimals of nal land together with all rights, privileges and easement attached thereto.

Surrounding : B.S Plot no. 1370, 1371, North- B.S Plot no. 1372, 1376, 1394, 1396, South- B.S Plot no. 1367, 1368, 1369, East- B.S Plot no. 1377, 1378, 1379.

B.S Plot no. 1376, 1378, 1394, North- B.S Plot no. 1386, 1392, South- B.S Plot no. 1365, 1376, East- B.S Plot no. 1395, West- B.S Plot no. 1365, 1385.

B.S Plot no. 1377, 1378, 1379, North- B.S Plot no. 1370, 1396, 1398, South- East- Old Anowara -Chandpur Road, West- B.S Plot no. 1394.

Schedule-28

District-Chattogram, P.S- Anowara, Mouza- Tayfardo J.L no. 31, on the basis of the registered sale deed no. 4444 dated 03/12/2020 at the office of the Sub-Registrar, Anowara, Chattogram under R.S Khatian no. 361, R.S Plot no. 1715, B.S Khatian no. 173, B.S Mutation Khatian no. 1193 at present 2442, B.S Plot no. 1631, area 12.00 decimals of nal land together with all rights, privileges and easement attached thereto.

Surrounding : B.S Plot no. 1631, North- B.S Plot no. 1631, South- B.S Plot no. 1632, 1633, East- Khal, West- B.S Plot no. 1631.

Schedule-29

District-Chattogram, P.S- Anowara, Mouza- Chalkhali, J.L no. 30, on the basis of the registered sale deed no. 4447 dated 03/12/2020 at the office of the Sub-Registrar, Anowara, Chattogram under R.S Khatian no. 3693, R.S Plot no. 13435, B.S Khatian no. 212, B.S Mutation Khatian no. 8655 at present 9562, B.S Plot no. 22471, area 30.00 decimals of nal land together with all rights, privileges and easement attached thereto.

Surrounding : B.S Plot no. 22405, South- B.S Plot no. 22469, East- Rest of B.S Plot, West- B.S Plot no. 22470.

Schedule-30

District-Chattogram, P.S- Anowara, Mouza- Boramchara, J.L no. 20, on the basis of the registered sale deed no. 4444 dated 03/12/2020 at the office of the Sub-Registrar, Anowara, Chattogram under R.S Khatian no. 3664, R.S Plot no. 20133, B.S Khatian no. 1632, B.S Mutation Khatian no. 8640 at present 9562, B.S Plot no. 21173, area 37.25 decimals of nal land together with all rights, privileges and easement attached thereto.

বাকী অংশ ৭-এর পৃষ্ঠায়
